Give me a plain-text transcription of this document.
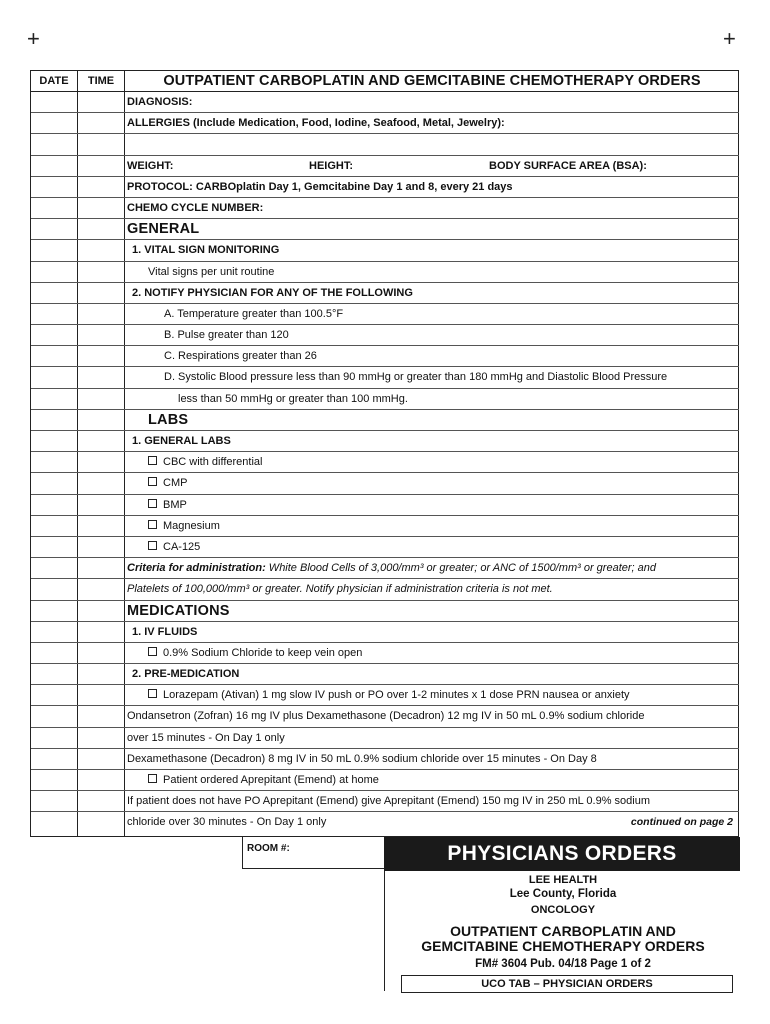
+	+
DATE	TIME	OUTPATIENT CARBOPLATIN AND GEMCITABINE CHEMOTHERAPY ORDERS
DIAGNOSIS:
ALLERGIES (Include Medication, Food, Iodine, Seafood, Metal, Jewelry):
WEIGHT:	HEIGHT:	BODY SURFACE AREA (BSA):
PROTOCOL: CARBOplatin Day 1, Gemcitabine Day 1 and 8, every 21 days
CHEMO CYCLE NUMBER:
GENERAL
1. VITAL SIGN MONITORING
Vital signs per unit routine
2. NOTIFY PHYSICIAN FOR ANY OF THE FOLLOWING
A. Temperature greater than 100.5°F
B. Pulse greater than 120
C. Respirations greater than 26
D. Systolic Blood pressure less than 90 mmHg or greater than 180 mmHg and Diastolic Blood Pressure
less than 50 mmHg or greater than 100 mmHg.
LABS
1. GENERAL LABS
CBC with differential
CMP
BMP
Magnesium
CA-125
Criteria for administration: White Blood Cells of 3,000/mm³ or greater; or ANC of 1500/mm³ or greater; and
Platelets of 100,000/mm³ or greater. Notify physician if administration criteria is not met.
MEDICATIONS
1. IV FLUIDS
0.9% Sodium Chloride to keep vein open
2. PRE-MEDICATION
Lorazepam (Ativan) 1 mg slow IV push or PO over 1-2 minutes x 1 dose PRN nausea or anxiety
Ondansetron (Zofran) 16 mg IV plus Dexamethasone (Decadron) 12 mg IV in 50 mL 0.9% sodium chloride
over 15 minutes - On Day 1 only
Dexamethasone (Decadron) 8 mg IV in 50 mL 0.9% sodium chloride over 15 minutes - On Day 8
Patient ordered Aprepitant (Emend) at home
If patient does not have PO Aprepitant (Emend) give Aprepitant (Emend) 150 mg IV in 250 mL 0.9% sodium
chloride over 30 minutes - On Day 1 only	continued on page 2
ROOM #:	PHYSICIANS ORDERS
LEE HEALTH
Lee County, Florida
ONCOLOGY
OUTPATIENT CARBOPLATIN AND
GEMCITABINE CHEMOTHERAPY ORDERS
FM# 3604 Pub. 04/18 Page 1 of 2
UCO TAB – PHYSICIAN ORDERS
